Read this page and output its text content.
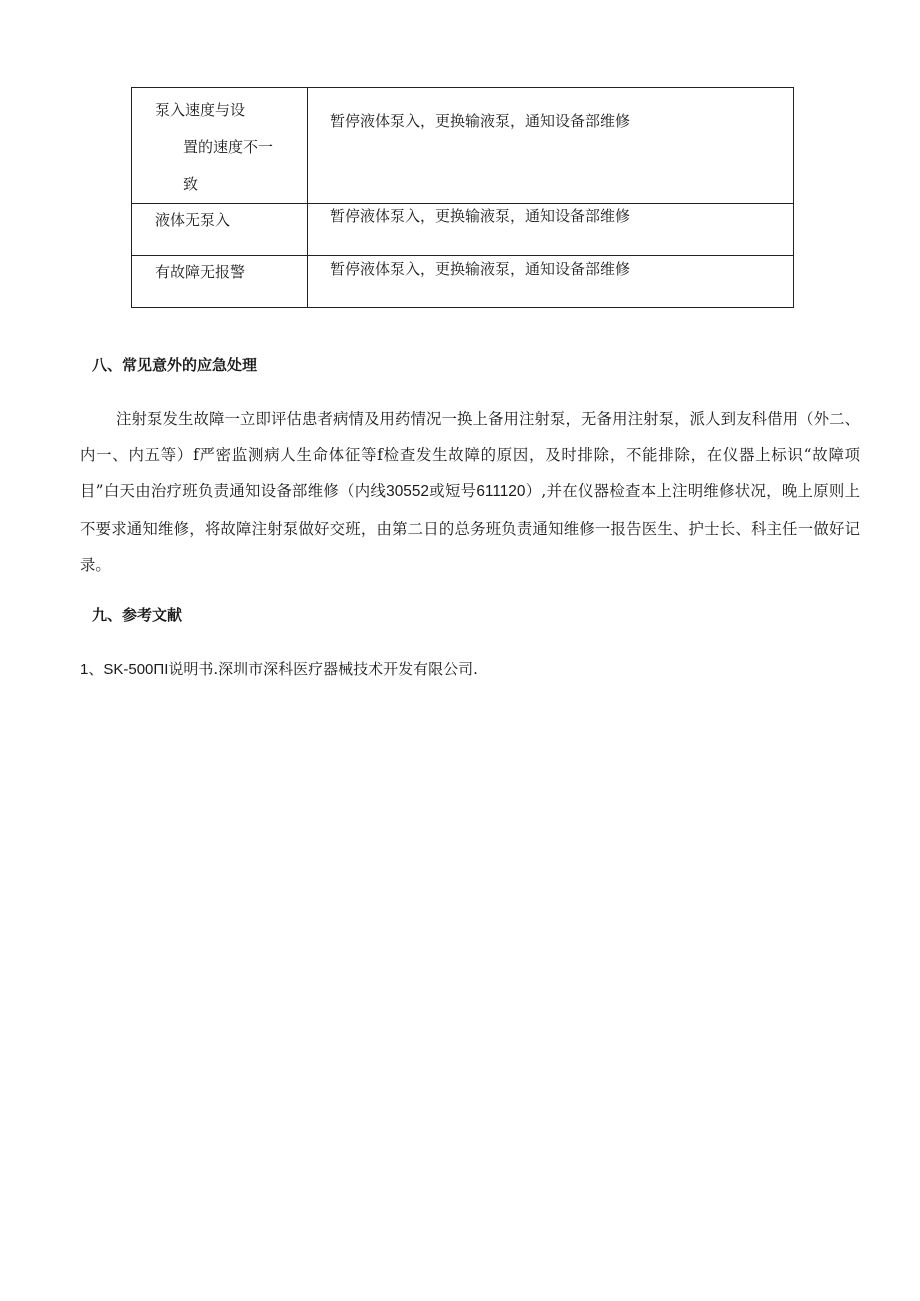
泵入速度与设
置的速度不一
致	暂停液体泵入，更换输液泵，通知设备部维修

液体无泵入	暂停液体泵入，更换输液泵，通知设备部维修

有故障无报警	暂停液体泵入，更换输液泵，通知设备部维修
八、常见意外的应急处理

注射泵发生故障一立即评估患者病情及用药情况一换上备用注射泵，无备用注射泵，派人到友科借用（外二、内一、内五等）f严密监测病人生命体征等f检查发生故障的原因，及时排除，不能排除，在仪器上标识“故障项目”白天由治疗班负责通知设备部维修（内线30552或短号611120）,并在仪器检查本上注明维修状况，晚上原则上不要求通知维修，将故障注射泵做好交班，由第二日的总务班负责通知维修一报告医生、护士长、科主任一做好记录。

九、参考文献
1、SK-500ΠI说明书.深圳市深科医疗器械技术开发有限公司.
